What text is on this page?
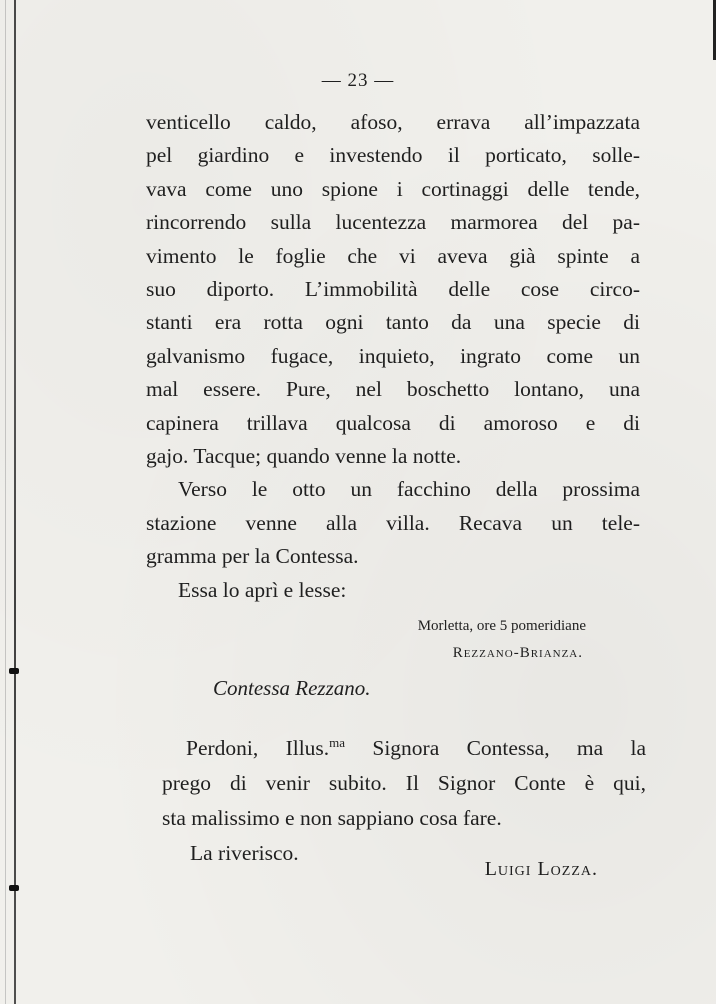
— 23 —
venticello caldo, afoso, errava all’impazzata
pel giardino e investendo il porticato, solle-
vava come uno spione i cortinaggi delle tende,
rincorrendo sulla lucentezza marmorea del pa-
vimento le foglie che vi aveva già spinte a
suo diporto. L’immobilità delle cose circo-
stanti era rotta ogni tanto da una specie di
galvanismo fugace, inquieto, ingrato come un
mal essere. Pure, nel boschetto lontano, una
capinera trillava qualcosa di amoroso e di
gajo. Tacque; quando venne la notte.
Verso le otto un facchino della prossima
stazione venne alla villa. Recava un tele-
gramma per la Contessa.
Essa lo aprì e lesse:
Morletta, ore 5 pomeridiane
Rezzano-Brianza.
Contessa Rezzano.
Perdoni, Illus.$^{ma}$ Signora Contessa, ma la
prego di venir subito. Il Signor Conte è qui,
sta malissimo e non sappiano cosa fare.
La riverisco.
Luigi Lozza.
